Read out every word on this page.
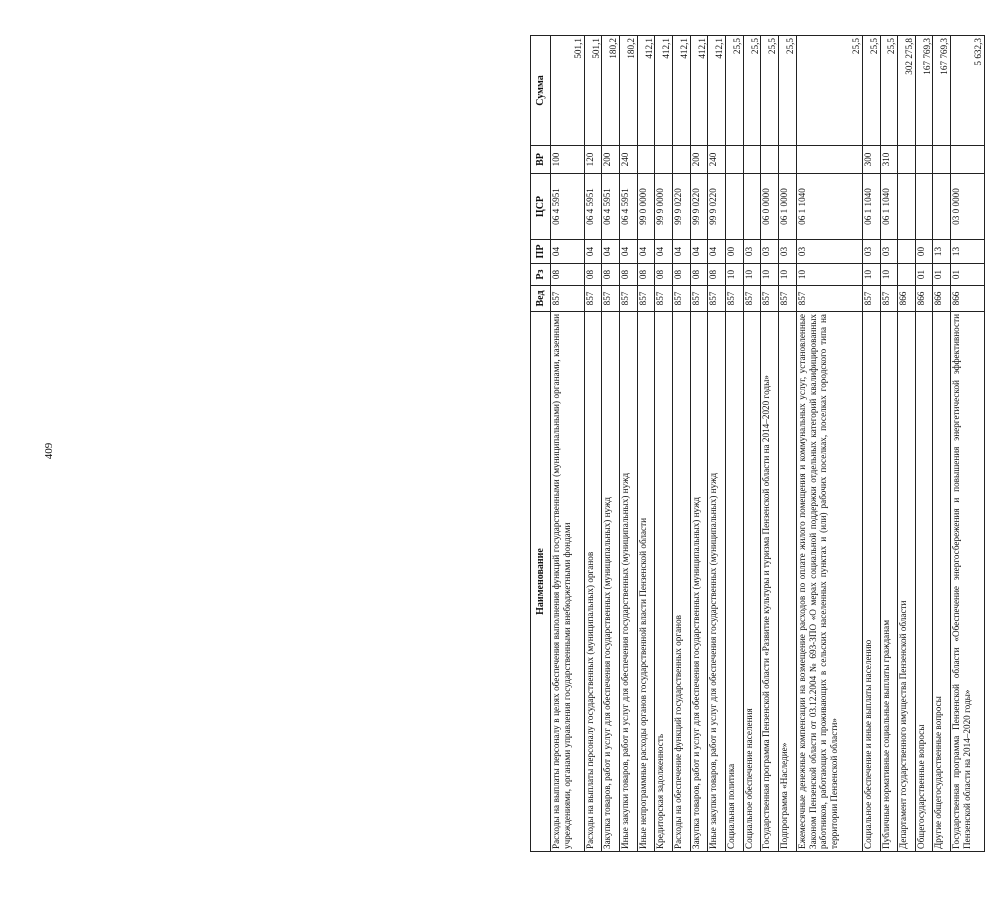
409
Наименование	Вед	Рз	ПР	ЦСР	ВР	Сумма
Расходы на выплаты персоналу в целях обеспечения выполнения функций государственными (муниципальными) органами, казенными учреждениями, органами управления государственными внебюджетными фондами	857	08	04	06 4 5951	100	501,1
Расходы на выплаты персоналу государственных (муниципальных) органов	857	08	04	06 4 5951	120	501,1
Закупка товаров, работ и услуг для обеспечения государственных (муниципальных) нужд	857	08	04	06 4 5951	200	180,2
Иные закупки товаров, работ и услуг для обеспечения государственных (муниципальных) нужд	857	08	04	06 4 5951	240	180,2
Иные непрограммные расходы органов государственной власти Пензенской области	857	08	04	99 0 0000		412,1
Кредиторская задолженность	857	08	04	99 9 0000		412,1
Расходы на обеспечение функций государственных органов	857	08	04	99 9 0220		412,1
Закупка товаров, работ и услуг для обеспечения государственных (муниципальных) нужд	857	08	04	99 9 0220	200	412,1
Иные закупки товаров, работ и услуг для обеспечения государственных (муниципальных) нужд	857	08	04	99 9 0220	240	412,1
Социальная политика	857	10	00			25,5
Социальное обеспечение населения	857	10	03			25,5
Государственная программа Пензенской области «Развитие культуры и туризма Пензенской области на 2014–2020 годы»	857	10	03	06 0 0000		25,5
Подпрограмма «Наследие»	857	10	03	06 1 0000		25,5
Ежемесячные денежные компенсации на возмещение расходов по оплате жилого помещения и коммунальных услуг, установленные Законом Пензенской области от 03.12.2004 № 693-ЗПО «О мерах социальной поддержки отдельных категорий квалифицированных работников, работающих и проживающих в сельских населенных пунктах и (или) рабочих поселках, поселках городского типа на территории Пензенской области»	857	10	03	06 1 1040		25,5
Социальное обеспечение и иные выплаты населению	857	10	03	06 1 1040	300	25,5
Публичные нормативные социальные выплаты гражданам	857	10	03	06 1 1040	310	25,5
Департамент государственного имущества Пензенской области	866					302 275,8
Общегосударственные вопросы	866	01	00			167 769,3
Другие общегосударственные вопросы	866	01	13			167 769,3
Государственная программа Пензенской области «Обеспечение энергосбережения и повышения энергетической эффективности Пензенской области на 2014–2020 годы»	866	01	13	03 0 0000		5 632,3
